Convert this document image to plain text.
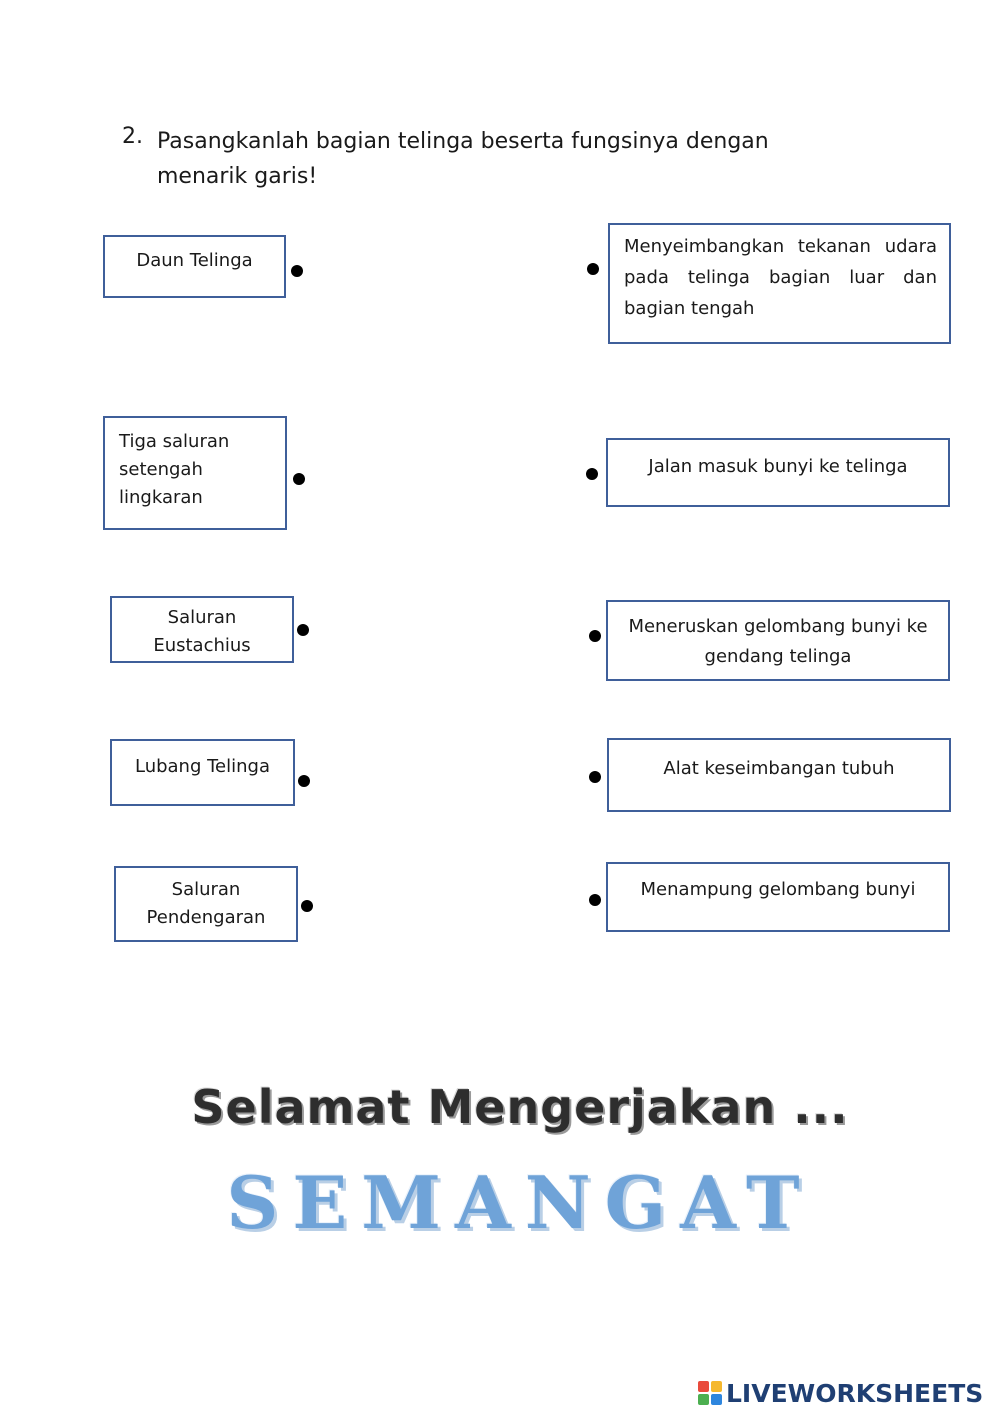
2. Pasangkanlah bagian telinga beserta fungsinya dengan menarik garis!
Daun Telinga
Tiga saluran setengah lingkaran
Saluran Eustachius
Lubang Telinga
Saluran Pendengaran
Menyeimbangkan tekanan udara pada telinga bagian luar dan bagian tengah
Jalan masuk bunyi ke telinga
Meneruskan gelombang bunyi ke gendang telinga
Alat keseimbangan tubuh
Menampung gelombang bunyi
Selamat Mengerjakan ...
SEMANGAT
LIVEWORKSHEETS
